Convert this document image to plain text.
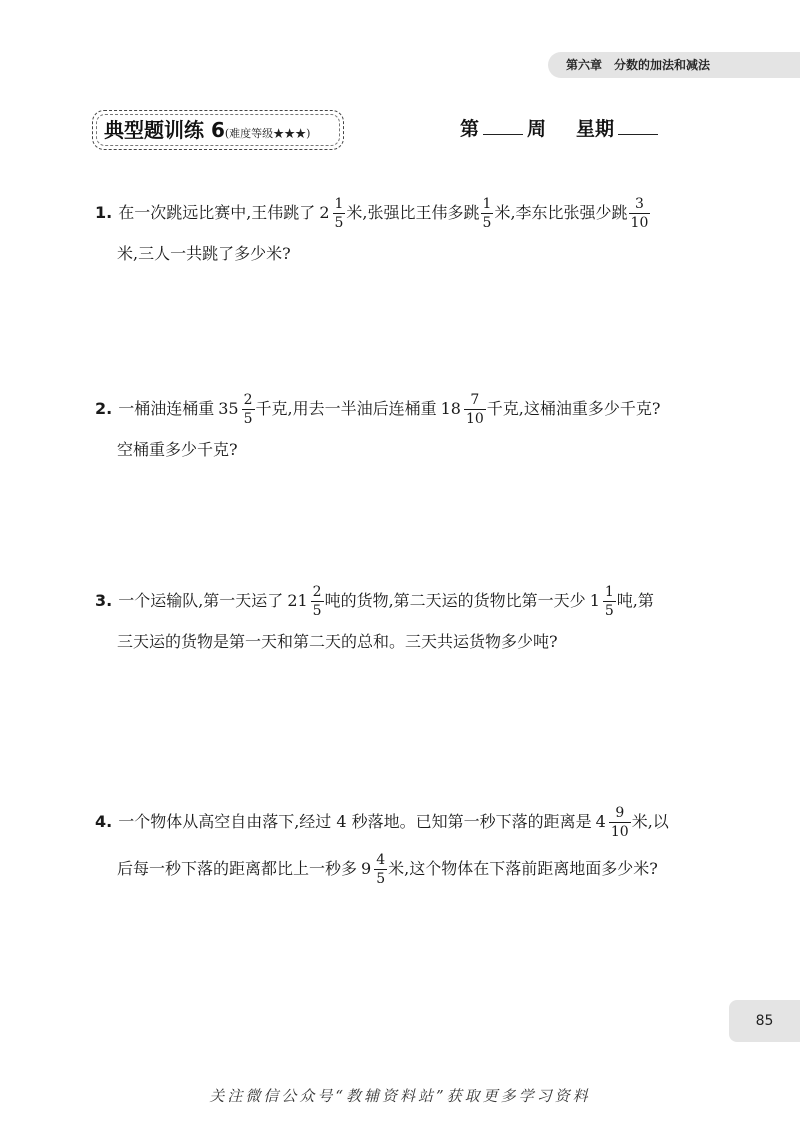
第六章 分数的加法和减法
典型题训练 6(难度等级★★★)	第	周 星期
1. 在一次跳远比赛中,王伟跳了 $2 \frac{1}{5}$ 米,张强比王伟多跳 $\frac{1}{5}$ 米,李东比张强少跳 $\frac{3}{10}$
米,三人一共跳了多少米?
2. 一桶油连桶重 $35 \frac{2}{5}$ 千克,用去一半油后连桶重 $18 \frac{7}{10}$ 千克,这桶油重多少千克?
空桶重多少千克?
3. 一个运输队,第一天运了 $21 \frac{2}{5}$ 吨的货物,第二天运的货物比第一天少 $1 \frac{1}{5}$ 吨,第
三天运的货物是第一天和第二天的总和。三天共运货物多少吨?
4. 一个物体从高空自由落下,经过 4 秒落地。已知第一秒下落的距离是 $4 \frac{9}{10}$ 米,以
后每一秒下落的距离都比上一秒多 $9 \frac{4}{5}$ 米,这个物体在下落前距离地面多少米?
85
关注微信公众号“教辅资料站”获取更多学习资料
